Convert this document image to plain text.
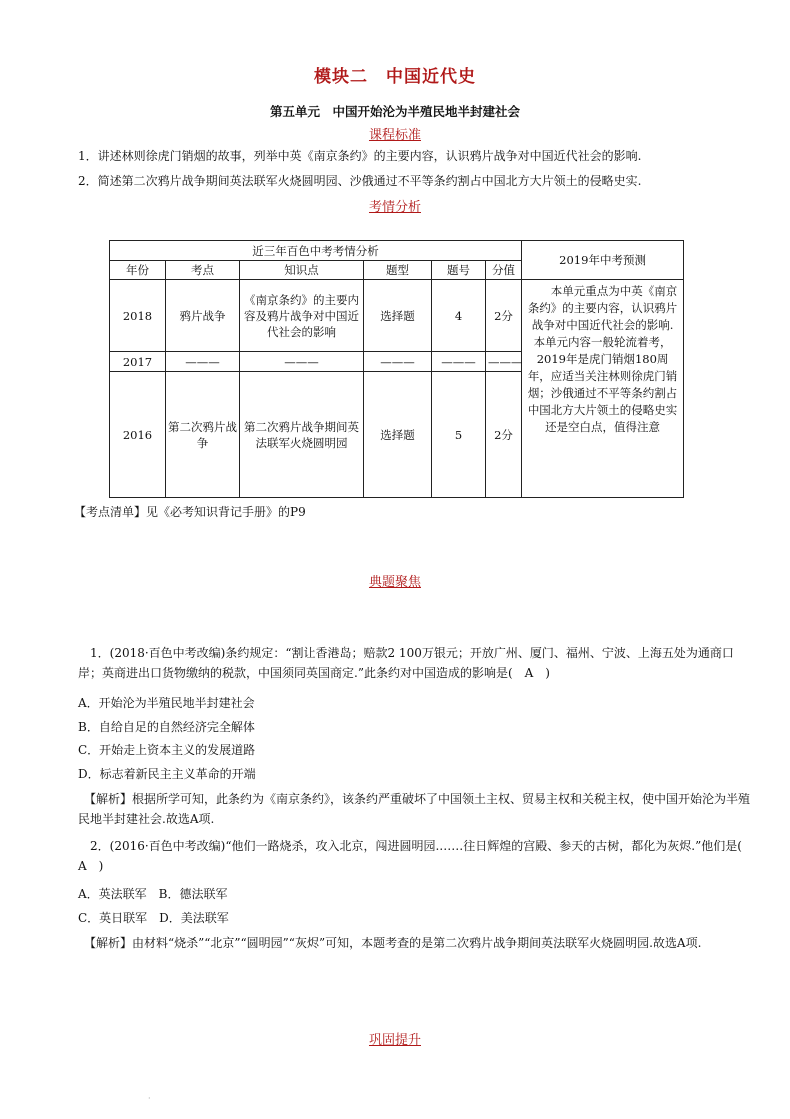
模块二　中国近代史
第五单元　中国开始沦为半殖民地半封建社会
课程标准
1．讲述林则徐虎门销烟的故事，列举中英《南京条约》的主要内容，认识鸦片战争对中国近代社会的影响.
2．简述第二次鸦片战争期间英法联军火烧圆明园、沙俄通过不平等条约割占中国北方大片领土的侵略史实.
考情分析
近三年百色中考考情分析						2019年中考预测
年份	考点	知识点	题型	题号	分值	
2018	鸦片战争	《南京条约》的主要内容及鸦片战争对中国近代社会的影响	选择题	4	2分	　　本单元重点为中英《南京条约》的主要内容，认识鸦片战争对中国近代社会的影响.本单元内容一般轮流着考，2019年是虎门销烟180周年，应适当关注林则徐虎门销烟；沙俄通过不平等条约割占中国北方大片领土的侵略史实还是空白点，值得注意
2017	———	———	———	———	———	
2016	第二次鸦片战争	第二次鸦片战争期间英法联军火烧圆明园	选择题	5	2分	
【考点清单】见《必考知识背记手册》的P9
典题聚焦
1．(2018·百色中考改编)条约规定：“割让香港岛；赔款2 100万银元；开放广州、厦门、福州、宁波、上海五处为通商口岸；英商进出口货物缴纳的税款，中国须同英国商定.”此条约对中国造成的影响是(　A　)
A．开始沦为半殖民地半封建社会
B．自给自足的自然经济完全解体
C．开始走上资本主义的发展道路
D．标志着新民主主义革命的开端
【解析】根据所学可知，此条约为《南京条约》，该条约严重破坏了中国领土主权、贸易主权和关税主权，使中国开始沦为半殖民地半封建社会.故选A项.
2．(2016·百色中考改编)“他们一路烧杀，攻入北京，闯进圆明园.……往日辉煌的宫殿、参天的古树，都化为灰烬.”他们是(　A　)
A．英法联军　B．德法联军
C．英日联军　D．美法联军
【解析】由材料“烧杀”“北京”“圆明园”“灰烬”可知，本题考查的是第二次鸦片战争期间英法联军火烧圆明园.故选A项.
巩固提升
·
